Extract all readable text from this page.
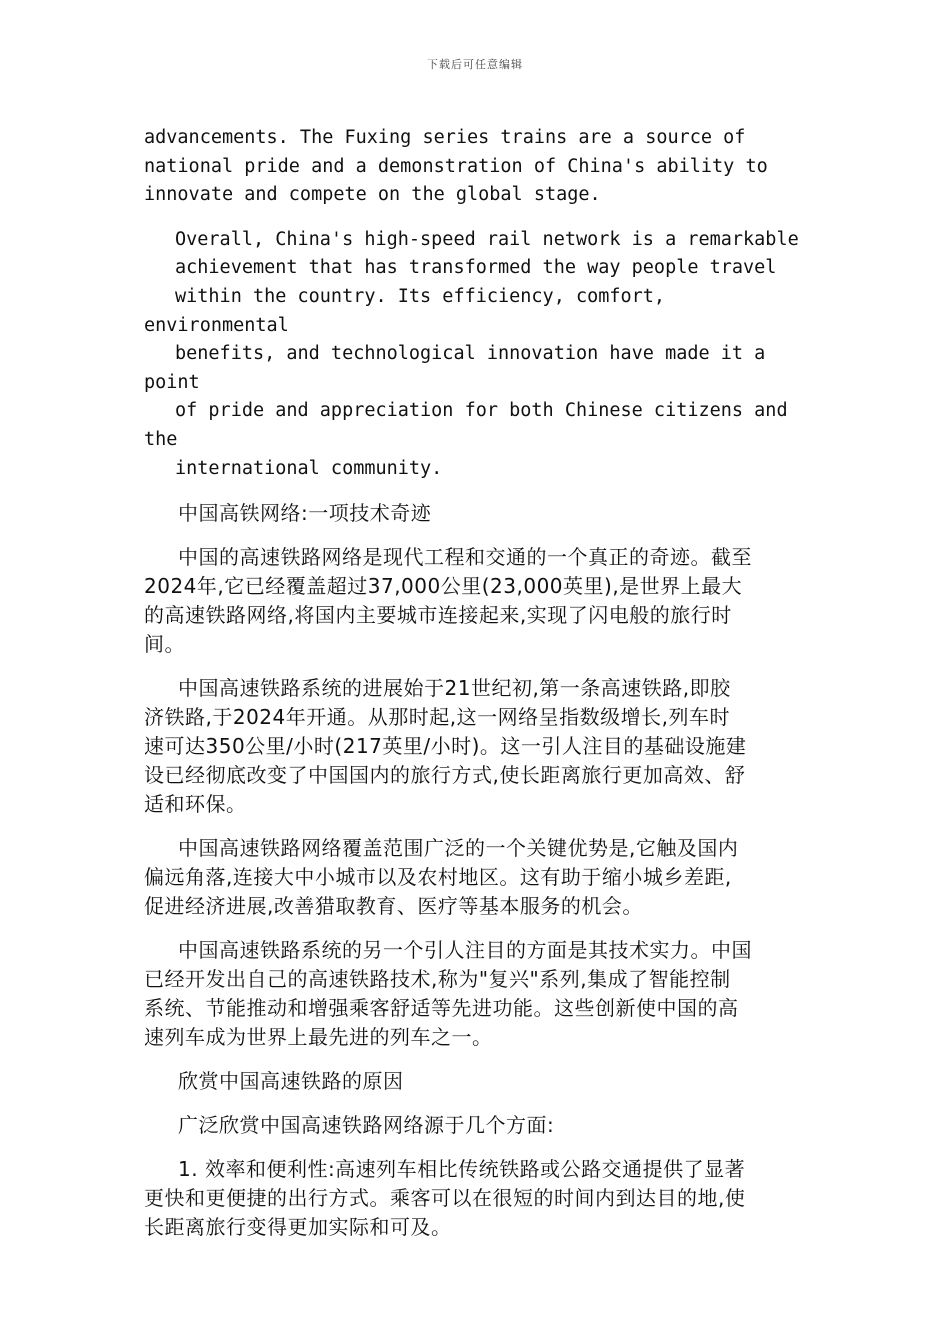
下载后可任意编辑

advancements. The Fuxing series trains are a source of
national pride and a demonstration of China's ability to
innovate and compete on the global stage.

Overall, China's high-speed rail network is a remarkable
achievement that has transformed the way people travel
within the country. Its efficiency, comfort, environmental
benefits, and technological innovation have made it a point
of pride and appreciation for both Chinese citizens and the
international community.

中国高铁网络:一项技术奇迹

中国的高速铁路网络是现代工程和交通的一个真正的奇迹。截至
2024年,它已经覆盖超过37,000公里(23,000英里),是世界上最大
的高速铁路网络,将国内主要城市连接起来,实现了闪电般的旅行时
间。

中国高速铁路系统的进展始于21世纪初,第一条高速铁路,即胶
济铁路,于2024年开通。从那时起,这一网络呈指数级增长,列车时
速可达350公里/小时(217英里/小时)。这一引人注目的基础设施建
设已经彻底改变了中国国内的旅行方式,使长距离旅行更加高效、舒
适和环保。

中国高速铁路网络覆盖范围广泛的一个关键优势是,它触及国内
偏远角落,连接大中小城市以及农村地区。这有助于缩小城乡差距,
促进经济进展,改善猎取教育、医疗等基本服务的机会。

中国高速铁路系统的另一个引人注目的方面是其技术实力。中国
已经开发出自己的高速铁路技术,称为"复兴"系列,集成了智能控制
系统、节能推动和增强乘客舒适等先进功能。这些创新使中国的高
速列车成为世界上最先进的列车之一。

欣赏中国高速铁路的原因

广泛欣赏中国高速铁路网络源于几个方面:

1. 效率和便利性:高速列车相比传统铁路或公路交通提供了显著
更快和更便捷的出行方式。乘客可以在很短的时间内到达目的地,使
长距离旅行变得更加实际和可及。
